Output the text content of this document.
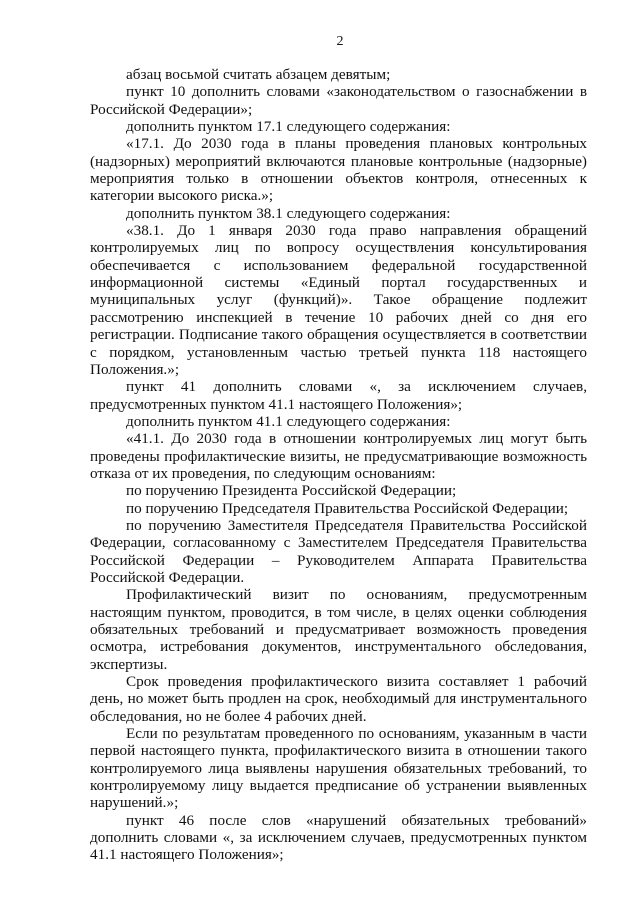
2

абзац восьмой считать абзацем девятым;

пункт 10 дополнить словами «законодательством о газоснабжении в Российской Федерации»;

дополнить пунктом 17.1 следующего содержания:

«17.1. До 2030 года в планы проведения плановых контрольных (надзорных) мероприятий включаются плановые контрольные (надзорные) мероприятия только в отношении объектов контроля, отнесенных к категории высокого риска.»;

дополнить пунктом 38.1 следующего содержания:

«38.1. До 1 января 2030 года право направления обращений контролируемых лиц по вопросу осуществления консультирования обеспечивается с использованием федеральной государственной информационной системы «Единый портал государственных и муниципальных услуг (функций)». Такое обращение подлежит рассмотрению инспекцией в течение 10 рабочих дней со дня его регистрации. Подписание такого обращения осуществляется в соответствии с порядком, установленным частью третьей пункта 118 настоящего Положения.»;

пункт 41 дополнить словами «, за исключением случаев, предусмотренных пунктом 41.1 настоящего Положения»;

дополнить пунктом 41.1 следующего содержания:

«41.1. До 2030 года в отношении контролируемых лиц могут быть проведены профилактические визиты, не предусматривающие возможность отказа от их проведения, по следующим основаниям:

по поручению Президента Российской Федерации;

по поручению Председателя Правительства Российской Федерации;

по поручению Заместителя Председателя Правительства Российской Федерации, согласованному с Заместителем Председателя Правительства Российской Федерации – Руководителем Аппарата Правительства Российской Федерации.

Профилактический визит по основаниям, предусмотренным настоящим пунктом, проводится, в том числе, в целях оценки соблюдения обязательных требований и предусматривает возможность проведения осмотра, истребования документов, инструментального обследования, экспертизы.

Срок проведения профилактического визита составляет 1 рабочий день, но может быть продлен на срок, необходимый для инструментального обследования, но не более 4 рабочих дней.

Если по результатам проведенного по основаниям, указанным в части первой настоящего пункта, профилактического визита в отношении такого контролируемого лица выявлены нарушения обязательных требований, то контролируемому лицу выдается предписание об устранении выявленных нарушений.»;

пункт 46 после слов «нарушений обязательных требований» дополнить словами «, за исключением случаев, предусмотренных пунктом 41.1 настоящего Положения»;
